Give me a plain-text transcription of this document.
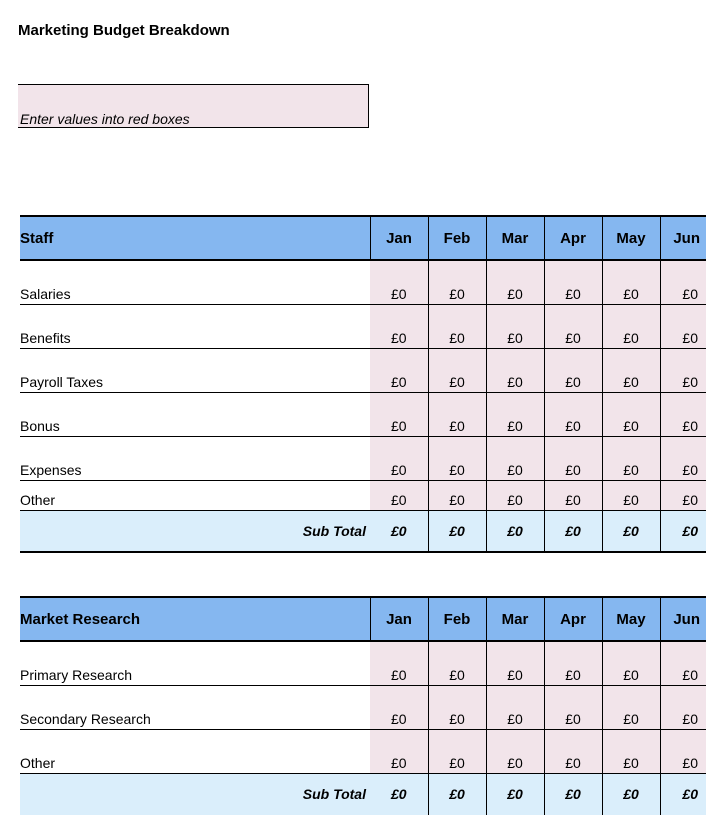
Marketing Budget Breakdown
Enter values into red boxes
Staff	Jan	Feb	Mar	Apr	May	Jun
Salaries	£0	£0	£0	£0	£0	£0
Benefits	£0	£0	£0	£0	£0	£0
Payroll Taxes	£0	£0	£0	£0	£0	£0
Bonus	£0	£0	£0	£0	£0	£0
Expenses	£0	£0	£0	£0	£0	£0
Other	£0	£0	£0	£0	£0	£0
Sub Total	£0	£0	£0	£0	£0	£0
Market Research	Jan	Feb	Mar	Apr	May	Jun
Primary Research	£0	£0	£0	£0	£0	£0
Secondary Research	£0	£0	£0	£0	£0	£0
Other	£0	£0	£0	£0	£0	£0
Sub Total	£0	£0	£0	£0	£0	£0
